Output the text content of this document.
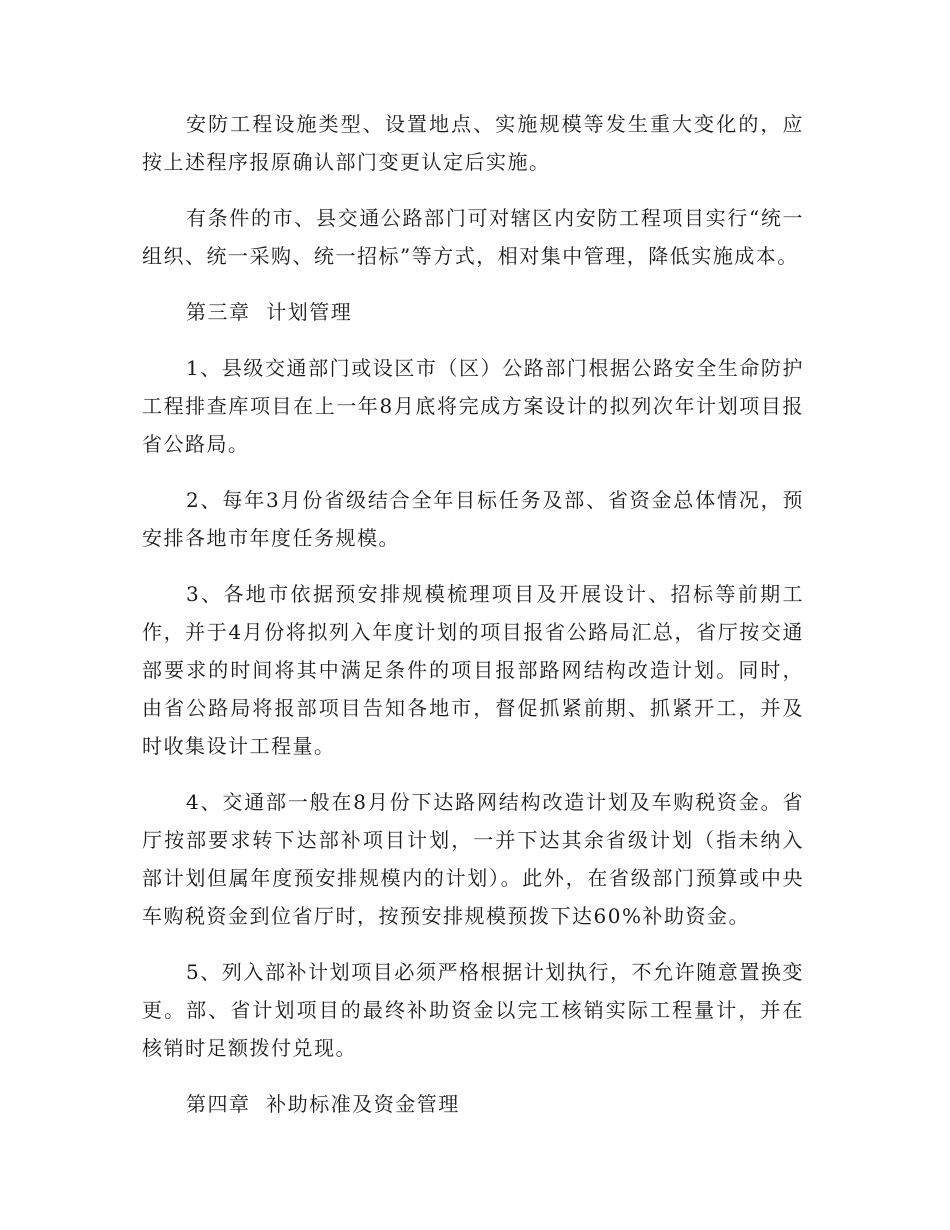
安防工程设施类型、设置地点、实施规模等发生重大变化的，应按上述程序报原确认部门变更认定后实施。

有条件的市、县交通公路部门可对辖区内安防工程项目实行“统一组织、统一采购、统一招标”等方式，相对集中管理，降低实施成本。

第三章  计划管理

1、县级交通部门或设区市（区）公路部门根据公路安全生命防护工程排查库项目在上一年8月底将完成方案设计的拟列次年计划项目报省公路局。

2、每年3月份省级结合全年目标任务及部、省资金总体情况，预安排各地市年度任务规模。

3、各地市依据预安排规模梳理项目及开展设计、招标等前期工作，并于4月份将拟列入年度计划的项目报省公路局汇总，省厅按交通部要求的时间将其中满足条件的项目报部路网结构改造计划。同时，由省公路局将报部项目告知各地市，督促抓紧前期、抓紧开工，并及时收集设计工程量。

4、交通部一般在8月份下达路网结构改造计划及车购税资金。省厅按部要求转下达部补项目计划，一并下达其余省级计划（指未纳入部计划但属年度预安排规模内的计划）。此外，在省级部门预算或中央车购税资金到位省厅时，按预安排规模预拨下达60%补助资金。

5、列入部补计划项目必须严格根据计划执行，不允许随意置换变更。部、省计划项目的最终补助资金以完工核销实际工程量计，并在核销时足额拨付兑现。

第四章  补助标准及资金管理
